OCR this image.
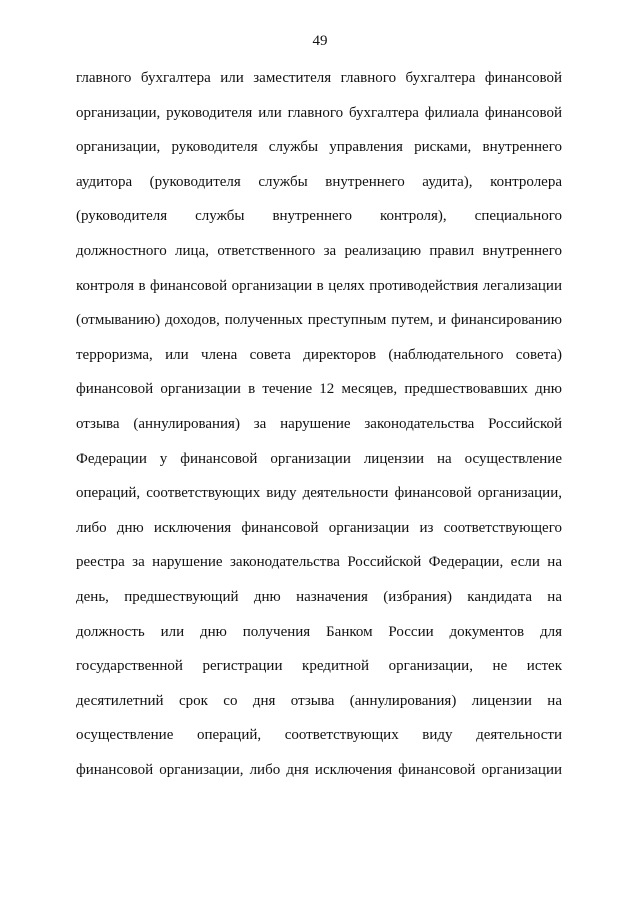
49
главного бухгалтера или заместителя главного бухгалтера финансовой
организации, руководителя или главного бухгалтера филиала финансовой
организации, руководителя службы управления рисками, внутреннего
аудитора (руководителя службы внутреннего аудита), контролера
(руководителя службы внутреннего контроля), специального
должностного лица, ответственного за реализацию правил внутреннего
контроля в финансовой организации в целях противодействия легализации
(отмыванию) доходов, полученных преступным путем, и финансированию
терроризма, или члена совета директоров (наблюдательного совета)
финансовой организации в течение 12 месяцев, предшествовавших дню
отзыва (аннулирования) за нарушение законодательства Российской
Федерации у финансовой организации лицензии на осуществление
операций, соответствующих виду деятельности финансовой организации,
либо дню исключения финансовой организации из соответствующего
реестра за нарушение законодательства Российской Федерации, если на
день, предшествующий дню назначения (избрания) кандидата на
должность или дню получения Банком России документов для
государственной регистрации кредитной организации, не истек
десятилетний срок со дня отзыва (аннулирования) лицензии на
осуществление операций, соответствующих виду деятельности
финансовой организации, либо дня исключения финансовой организации
